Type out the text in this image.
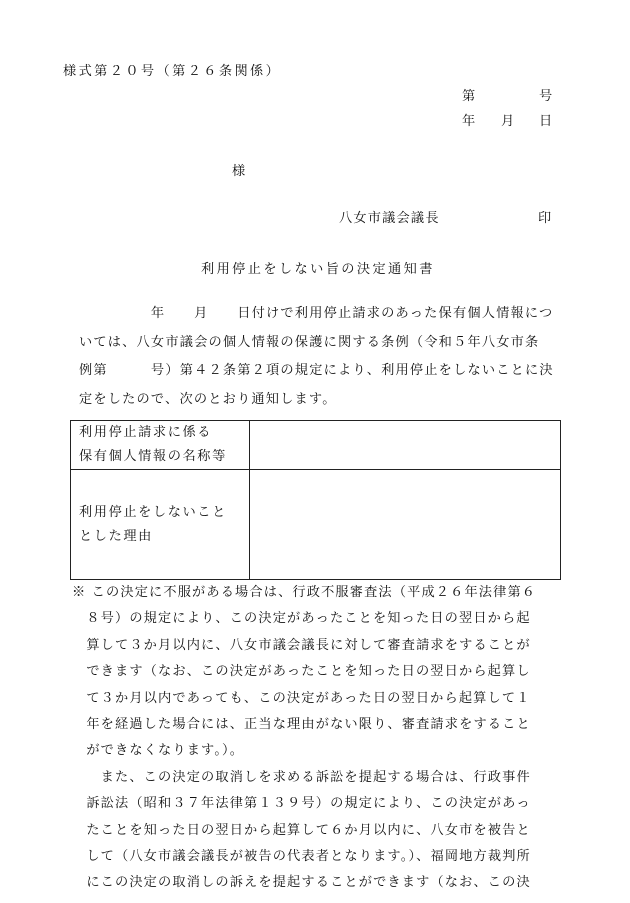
様式第２０号（第２６条関係）
第	号
年 月 日
様
八女市議会議長	印
利用停止をしない旨の決定通知書

　　　　　年　　月　　日付けで利用停止請求のあった保有個人情報につ

いては、八女市議会の個人情報の保護に関する条例（令和５年八女市条

例第　　　号）第４２条第２項の規定により、利用停止をしないことに決

定をしたので、次のとおり通知します。

利用停止請求に係る
保有個人情報の名称等	

利用停止をしないこと
とした理由	

※ この決定に不服がある場合は、行政不服審査法（平成２６年法律第６

　８号）の規定により、この決定があったことを知った日の翌日から起

　算して３か月以内に、八女市議会議長に対して審査請求をすることが

　できます（なお、この決定があったことを知った日の翌日から起算し

　て３か月以内であっても、この決定があった日の翌日から起算して１

　年を経過した場合には、正当な理由がない限り、審査請求をすること

　ができなくなります。）。

　　また、この決定の取消しを求める訴訟を提起する場合は、行政事件

　訴訟法（昭和３７年法律第１３９号）の規定により、この決定があっ

　たことを知った日の翌日から起算して６か月以内に、八女市を被告と

　して（八女市議会議長が被告の代表者となります。）、福岡地方裁判所

　にこの決定の取消しの訴えを提起することができます（なお、この決
